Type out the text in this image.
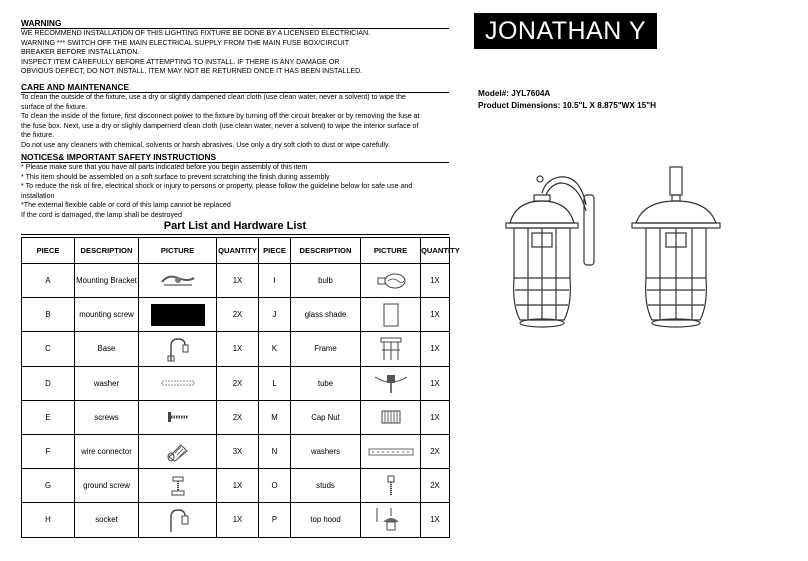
WARNING
WE RECOMMEND INSTALLATION OF THIS LIGHTING FIXTURE BE DONE BY A LICENSED ELECTRICIAN.
WARNING *** SWITCH OFF THE MAIN ELECTRICAL SUPPLY FROM THE MAIN FUSE BOX/CIRCUIT
BREAKER BEFORE INSTALLATION.
INSPECT ITEM CAREFULLY BEFORE ATTEMPTING TO INSTALL. IF THERE IS ANY DAMAGE OR
OBVIOUS DEFECT, DO NOT INSTALL. ITEM MAY NOT BE RETURNED ONCE IT HAS BEEN INSTALLED.
CARE AND MAINTENANCE
To clean the outside of the fixture, use a dry or slightly dampened clean cloth (use clean water, never a solvent) to wipe the
surface of the fixture.
To clean the inside of the fixture, first disconnect power to the fixture by turning off the circuit breaker or by removing the fuse at
the fuse box. Next, use a dry or slighly dampernerd clean cloth (use clean water, never a solvent) to wipe the interior surface of
the fixture.
Do not use any cleaners with chemical, solvents or harsh abrasives. Use only a dry soft cloth to dust or wipe carefully.
NOTICES& IMPORTANT SAFETY INSTRUCTIONS
* Please make sure that you have all parts indicated before you begin assembly of this item
* This item should be assembled on a soft surface to prevent scratching the finish during assembly
* To reduce the risk of fire, electrical shock or injury to persons or property, please follow the guideline below for safe use and
installation
*The external flexible cable or cord of this lamp cannot be replaced
If the cord is damaged, the lamp shall be destroyed
JONATHAN Y
Model#: JYL7604A
Product Dimensions: 10.5"L X 8.875"WX 15"H
Part List and Hardware List
PIECE	DESCRIPTION	PICTURE	QUANTITY	PIECE	DESCRIPTION	PICTURE	QUANTITY
A	Mounting Bracket		1X	I	bulb		1X
B	mounting screw		2X	J	glass shade		1X
C	Base		1X	K	Frame		1X
D	washer		2X	L	tube		1X
E	screws		2X	M	Cap Nut		1X
F	wire connector		3X	N	washers		2X
G	ground screw		1X	O	studs		2X
H	socket		1X	P	top hood		1X
